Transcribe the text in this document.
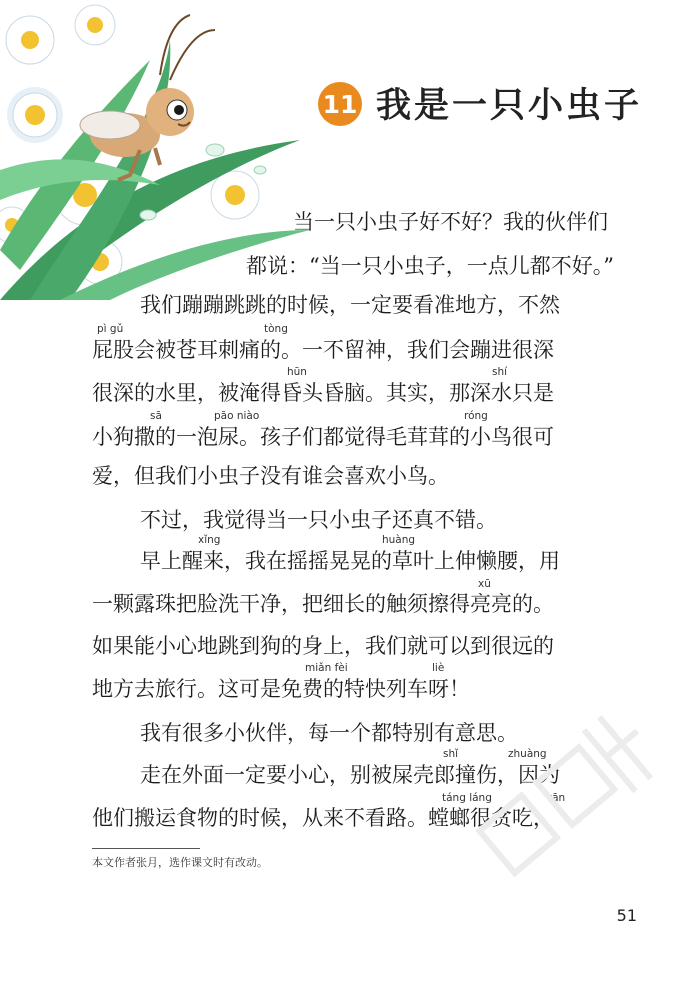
11 我是一只小虫子
当一只小虫子好不好？我的伙伴们
都说：“当一只小虫子，一点儿都不好。”
我们蹦蹦跳跳的时候，一定要看准地方，不然
pì gǔ	tòng
屁股会被苍耳刺痛的。一不留神，我们会蹦进很深
hūn	shí
很深的水里，被淹得昏头昏脑。其实，那深水只是
sā	pāo niào	róng
小狗撒的一泡尿。孩子们都觉得毛茸茸的小鸟很可
爱，但我们小虫子没有谁会喜欢小鸟。
不过，我觉得当一只小虫子还真不错。
xǐng	huàng
早上醒来，我在摇摇晃晃的草叶上伸懒腰，用
xū
一颗露珠把脸洗干净，把细长的触须擦得亮亮的。
如果能小心地跳到狗的身上，我们就可以到很远的
miǎn fèi	liè
地方去旅行。这可是免费的特快列车呀！
我有很多小伙伴，每一个都特别有意思。
shǐ	zhuàng
走在外面一定要小心，别被屎壳郎撞伤，因为
táng láng	tān
他们搬运食物的时候，从来不看路。螳螂很贪吃，
本文作者张月，选作课文时有改动。
51
